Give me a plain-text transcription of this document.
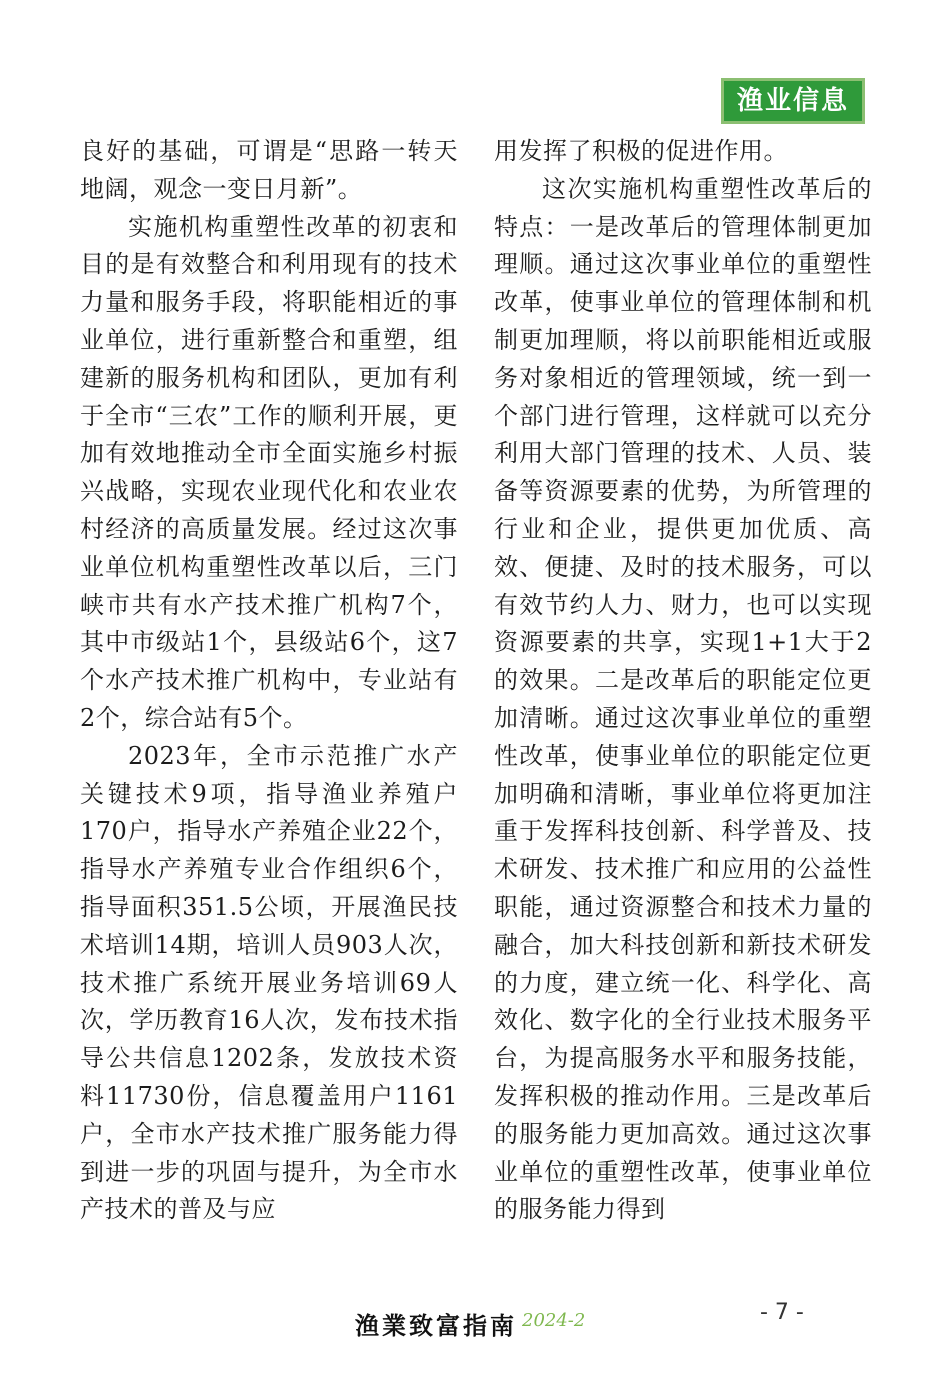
渔业信息

良好的基础，可谓是“思路一转天地阔，观念一变日月新”。

实施机构重塑性改革的初衷和目的是有效整合和利用现有的技术力量和服务手段，将职能相近的事业单位，进行重新整合和重塑，组建新的服务机构和团队，更加有利于全市“三农”工作的顺利开展，更加有效地推动全市全面实施乡村振兴战略，实现农业现代化和农业农村经济的高质量发展。经过这次事业单位机构重塑性改革以后，三门峡市共有水产技术推广机构7个，其中市级站1个，县级站6个，这7个水产技术推广机构中，专业站有2个，综合站有5个。

2023年，全市示范推广水产关键技术9项，指导渔业养殖户170户，指导水产养殖企业22个，指导水产养殖专业合作组织6个，指导面积351.5公顷，开展渔民技术培训14期，培训人员903人次，技术推广系统开展业务培训69人次，学历教育16人次，发布技术指导公共信息1202条，发放技术资料11730份，信息覆盖用户1161户，全市水产技术推广服务能力得到进一步的巩固与提升，为全市水产技术的普及与应

用发挥了积极的促进作用。

这次实施机构重塑性改革后的特点：一是改革后的管理体制更加理顺。通过这次事业单位的重塑性改革，使事业单位的管理体制和机制更加理顺，将以前职能相近或服务对象相近的管理领域，统一到一个部门进行管理，这样就可以充分利用大部门管理的技术、人员、装备等资源要素的优势，为所管理的行业和企业，提供更加优质、高效、便捷、及时的技术服务，可以有效节约人力、财力，也可以实现资源要素的共享，实现1+1大于2的效果。二是改革后的职能定位更加清晰。通过这次事业单位的重塑性改革，使事业单位的职能定位更加明确和清晰，事业单位将更加注重于发挥科技创新、科学普及、技术研发、技术推广和应用的公益性职能，通过资源整合和技术力量的融合，加大科技创新和新技术研发的力度，建立统一化、科学化、高效化、数字化的全行业技术服务平台，为提高服务水平和服务技能，发挥积极的推动作用。三是改革后的服务能力更加高效。通过这次事业单位的重塑性改革，使事业单位的服务能力得到

渔業致富指南 2024-2	- 7 -
